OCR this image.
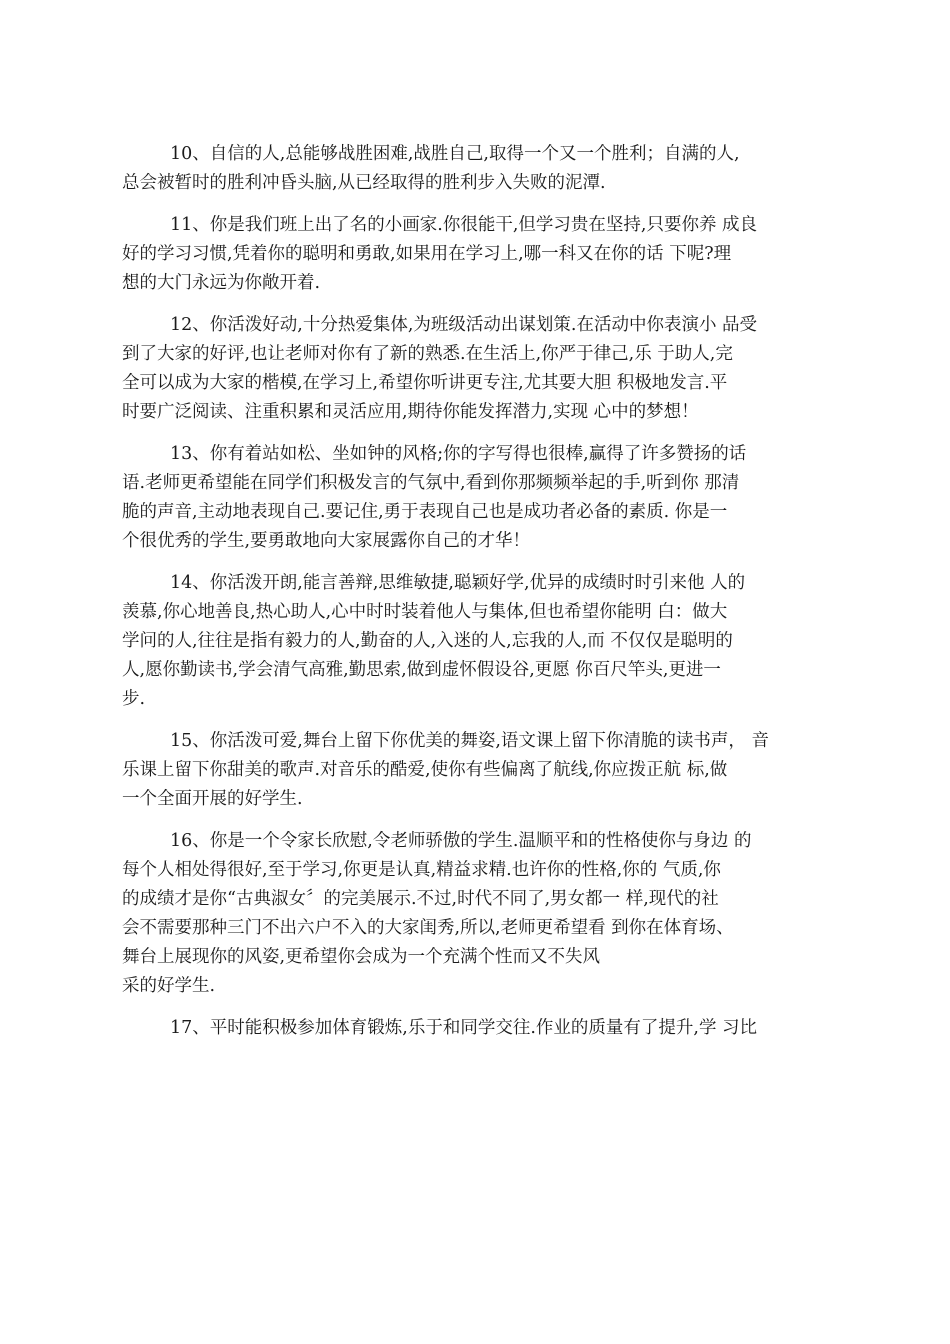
10、自信的人,总能够战胜困难,战胜自己,取得一个又一个胜利；自满的人,
总会被暂时的胜利冲昏头脑,从已经取得的胜利步入失败的泥潭.
11、你是我们班上出了名的小画家.你很能干,但学习贵在坚持,只要你养 成良
好的学习习惯,凭着你的聪明和勇敢,如果用在学习上,哪一科又在你的话 下呢?理
想的大门永远为你敞开着.
12、你活泼好动,十分热爱集体,为班级活动出谋划策.在活动中你表演小 品受
到了大家的好评,也让老师对你有了新的熟悉.在生活上,你严于律己,乐 于助人,完
全可以成为大家的楷模,在学习上,希望你听讲更专注,尤其要大胆 积极地发言.平
时要广泛阅读、注重积累和灵活应用,期待你能发挥潜力,实现 心中的梦想！
13、你有着站如松、坐如钟的风格;你的字写得也很棒,赢得了许多赞扬的话
语.老师更希望能在同学们积极发言的气氛中,看到你那频频举起的手,听到你 那清
脆的声音,主动地表现自己.要记住,勇于表现自己也是成功者必备的素质. 你是一
个很优秀的学生,要勇敢地向大家展露你自己的才华！
14、你活泼开朗,能言善辩,思维敏捷,聪颖好学,优异的成绩时时引来他 人的
羡慕,你心地善良,热心助人,心中时时装着他人与集体,但也希望你能明 白：做大
学问的人,往往是指有毅力的人,勤奋的人,入迷的人,忘我的人,而 不仅仅是聪明的
人,愿你勤读书,学会清气高雅,勤思索,做到虚怀假设谷,更愿 你百尺竿头,更进一
步.
15、你活泼可爱,舞台上留下你优美的舞姿,语文课上留下你清脆的读书声， 音
乐课上留下你甜美的歌声.对音乐的酷爱,使你有些偏离了航线,你应拨正航 标,做
一个全面开展的好学生.
16、你是一个令家长欣慰,令老师骄傲的学生.温顺平和的性格使你与身边 的
每个人相处得很好,至于学习,你更是认真,精益求精.也许你的性格,你的 气质,你
的成绩才是你“古典淑女〞的完美展示.不过,时代不同了,男女都一 样,现代的社
会不需要那种三门不出六户不入的大家闺秀,所以,老师更希望看 到你在体育场、
舞台上展现你的风姿,更希望你会成为一个充满个性而又不失风
采的好学生.
17、平时能积极参加体育锻炼,乐于和同学交往.作业的质量有了提升,学 习比
